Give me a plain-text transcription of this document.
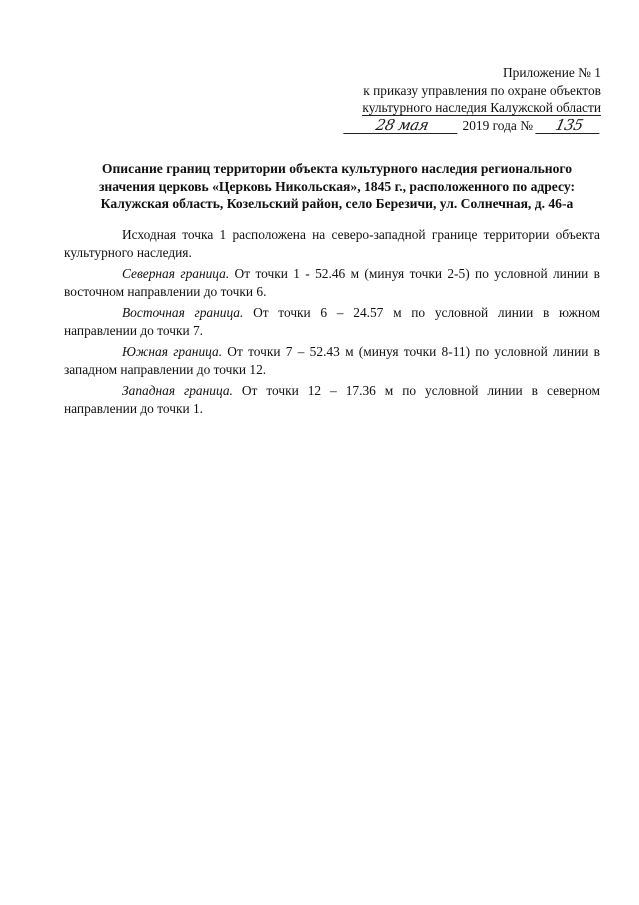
Приложение № 1
к приказу управления по охране объектов
культурного наследия Калужской области
28 мая	2019 года №	135
Описание границ территории объекта культурного наследия регионального
значения церковь «Церковь Никольская», 1845 г., расположенного по адресу:
Калужская область, Козельский район, село Березичи, ул. Солнечная, д. 46-а

Исходная точка 1 расположена на северо-западной границе территории объекта культурного наследия.

Северная граница. От точки 1 - 52.46 м (минуя точки 2-5) по условной линии в восточном направлении до точки 6.

Восточная граница. От точки 6 – 24.57 м по условной линии в южном направлении до точки 7.

Южная граница. От точки 7 – 52.43 м (минуя точки 8-11) по условной линии в западном направлении до точки 12.

Западная граница. От точки 12 – 17.36 м по условной линии в северном направлении до точки 1.
